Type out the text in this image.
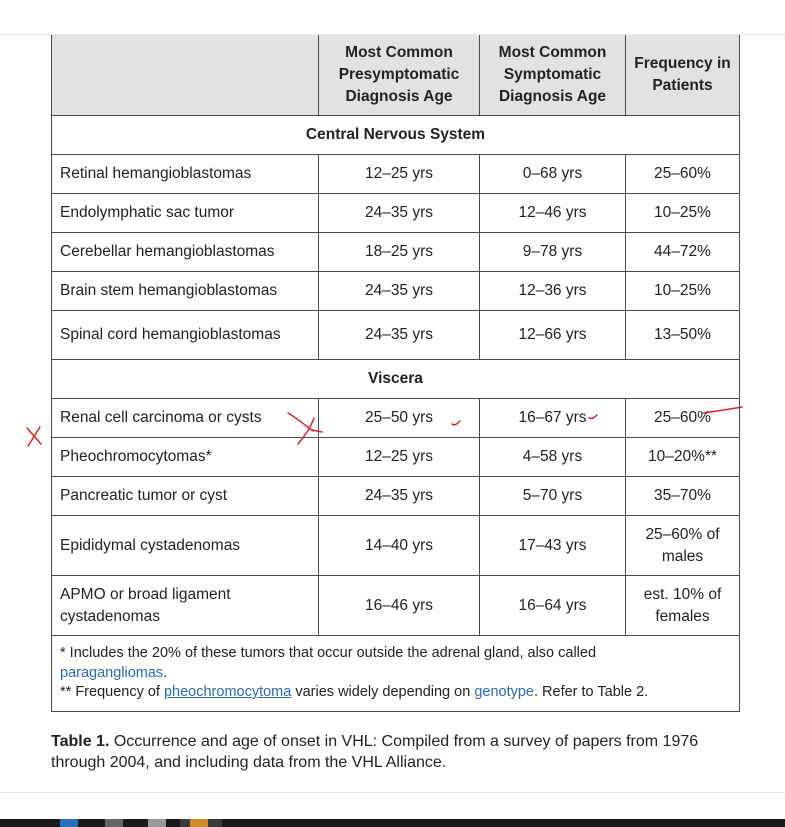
	Most Common Presymptomatic Diagnosis Age	Most Common Symptomatic Diagnosis Age	Frequency in Patients
Central Nervous System			
Retinal hemangioblastomas	12–25 yrs	0–68 yrs	25–60%
Endolymphatic sac tumor	24–35 yrs	12–46 yrs	10–25%
Cerebellar hemangioblastomas	18–25 yrs	9–78 yrs	44–72%
Brain stem hemangioblastomas	24–35 yrs	12–36 yrs	10–25%
Spinal cord hemangioblastomas	24–35 yrs	12–66 yrs	13–50%
Viscera			
Renal cell carcinoma or cysts	25–50 yrs	16–67 yrs	25–60%
Pheochromocytomas*	12–25 yrs	4–58 yrs	10–20%**
Pancreatic tumor or cyst	24–35 yrs	5–70 yrs	35–70%
Epididymal cystadenomas	14–40 yrs	17–43 yrs	25–60% of males
APMO or broad ligament cystadenomas	16–46 yrs	16–64 yrs	est. 10% of females

* Includes the 20% of these tumors that occur outside the adrenal gland, also called
paragangliomas.
** Frequency of pheochromocytoma varies widely depending on genotype. Refer to Table 2.			
Table 1. Occurrence and age of onset in VHL: Compiled from a survey of papers from 1976 through 2004, and including data from the VHL Alliance.
